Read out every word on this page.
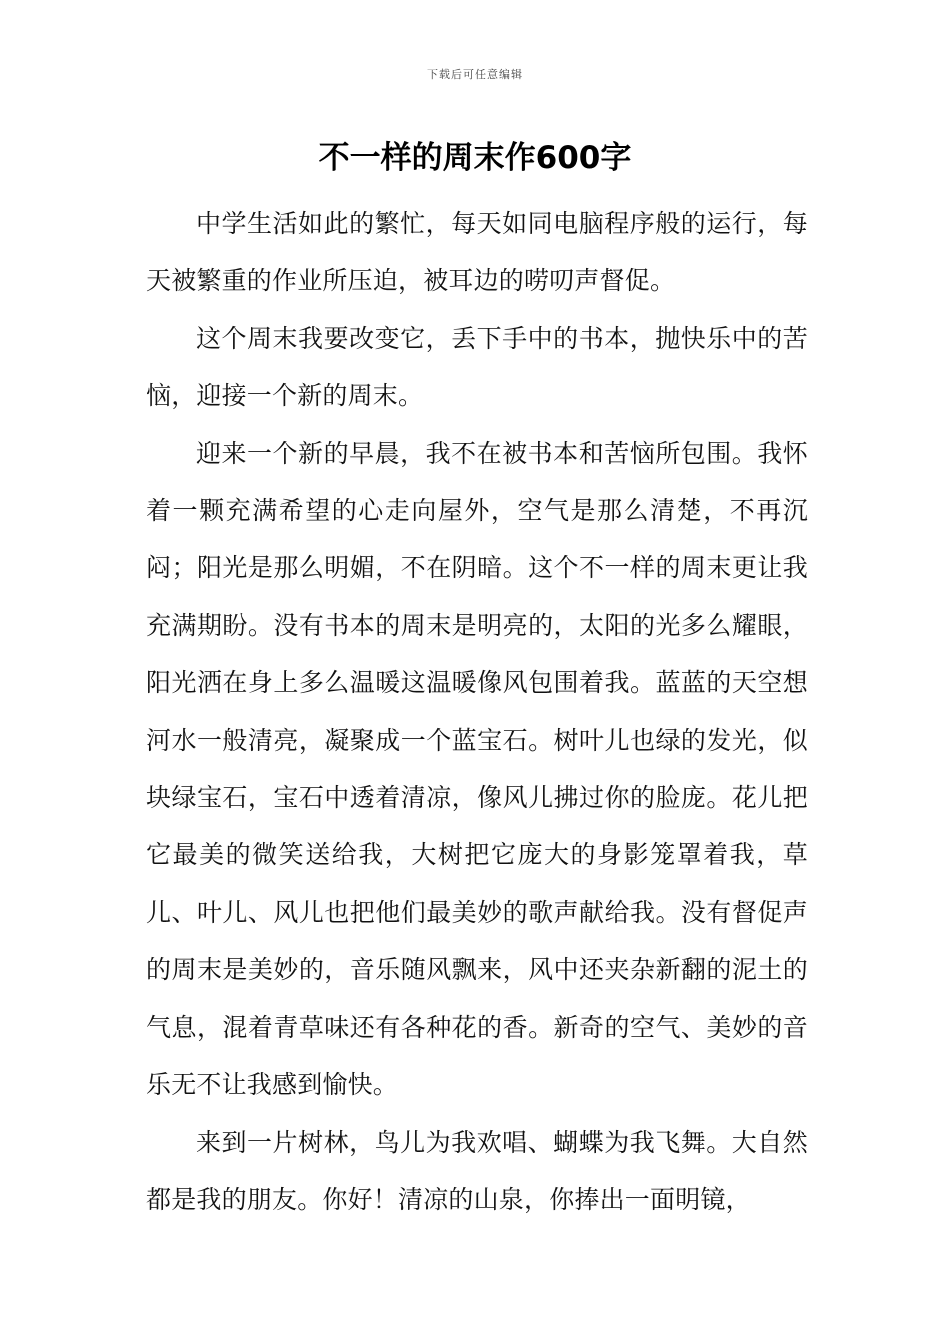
下载后可任意编辑
不一样的周末作600字

中学生活如此的繁忙，每天如同电脑程序般的运行，每天被繁重的作业所压迫，被耳边的唠叨声督促。

这个周末我要改变它，丢下手中的书本，抛快乐中的苦恼，迎接一个新的周末。

迎来一个新的早晨，我不在被书本和苦恼所包围。我怀着一颗充满希望的心走向屋外，空气是那么清楚，不再沉闷；阳光是那么明媚，不在阴暗。这个不一样的周末更让我充满期盼。没有书本的周末是明亮的，太阳的光多么耀眼，阳光洒在身上多么温暖这温暖像风包围着我。蓝蓝的天空想河水一般清亮，凝聚成一个蓝宝石。树叶儿也绿的发光，似块绿宝石，宝石中透着清凉，像风儿拂过你的脸庞。花儿把它最美的微笑送给我，大树把它庞大的身影笼罩着我，草儿、叶儿、风儿也把他们最美妙的歌声献给我。没有督促声的周末是美妙的，音乐随风飘来，风中还夹杂新翻的泥土的气息，混着青草味还有各种花的香。新奇的空气、美妙的音乐无不让我感到愉快。

来到一片树林，鸟儿为我欢唱、蝴蝶为我飞舞。大自然都是我的朋友。你好！清凉的山泉，你捧出一面明镜，
